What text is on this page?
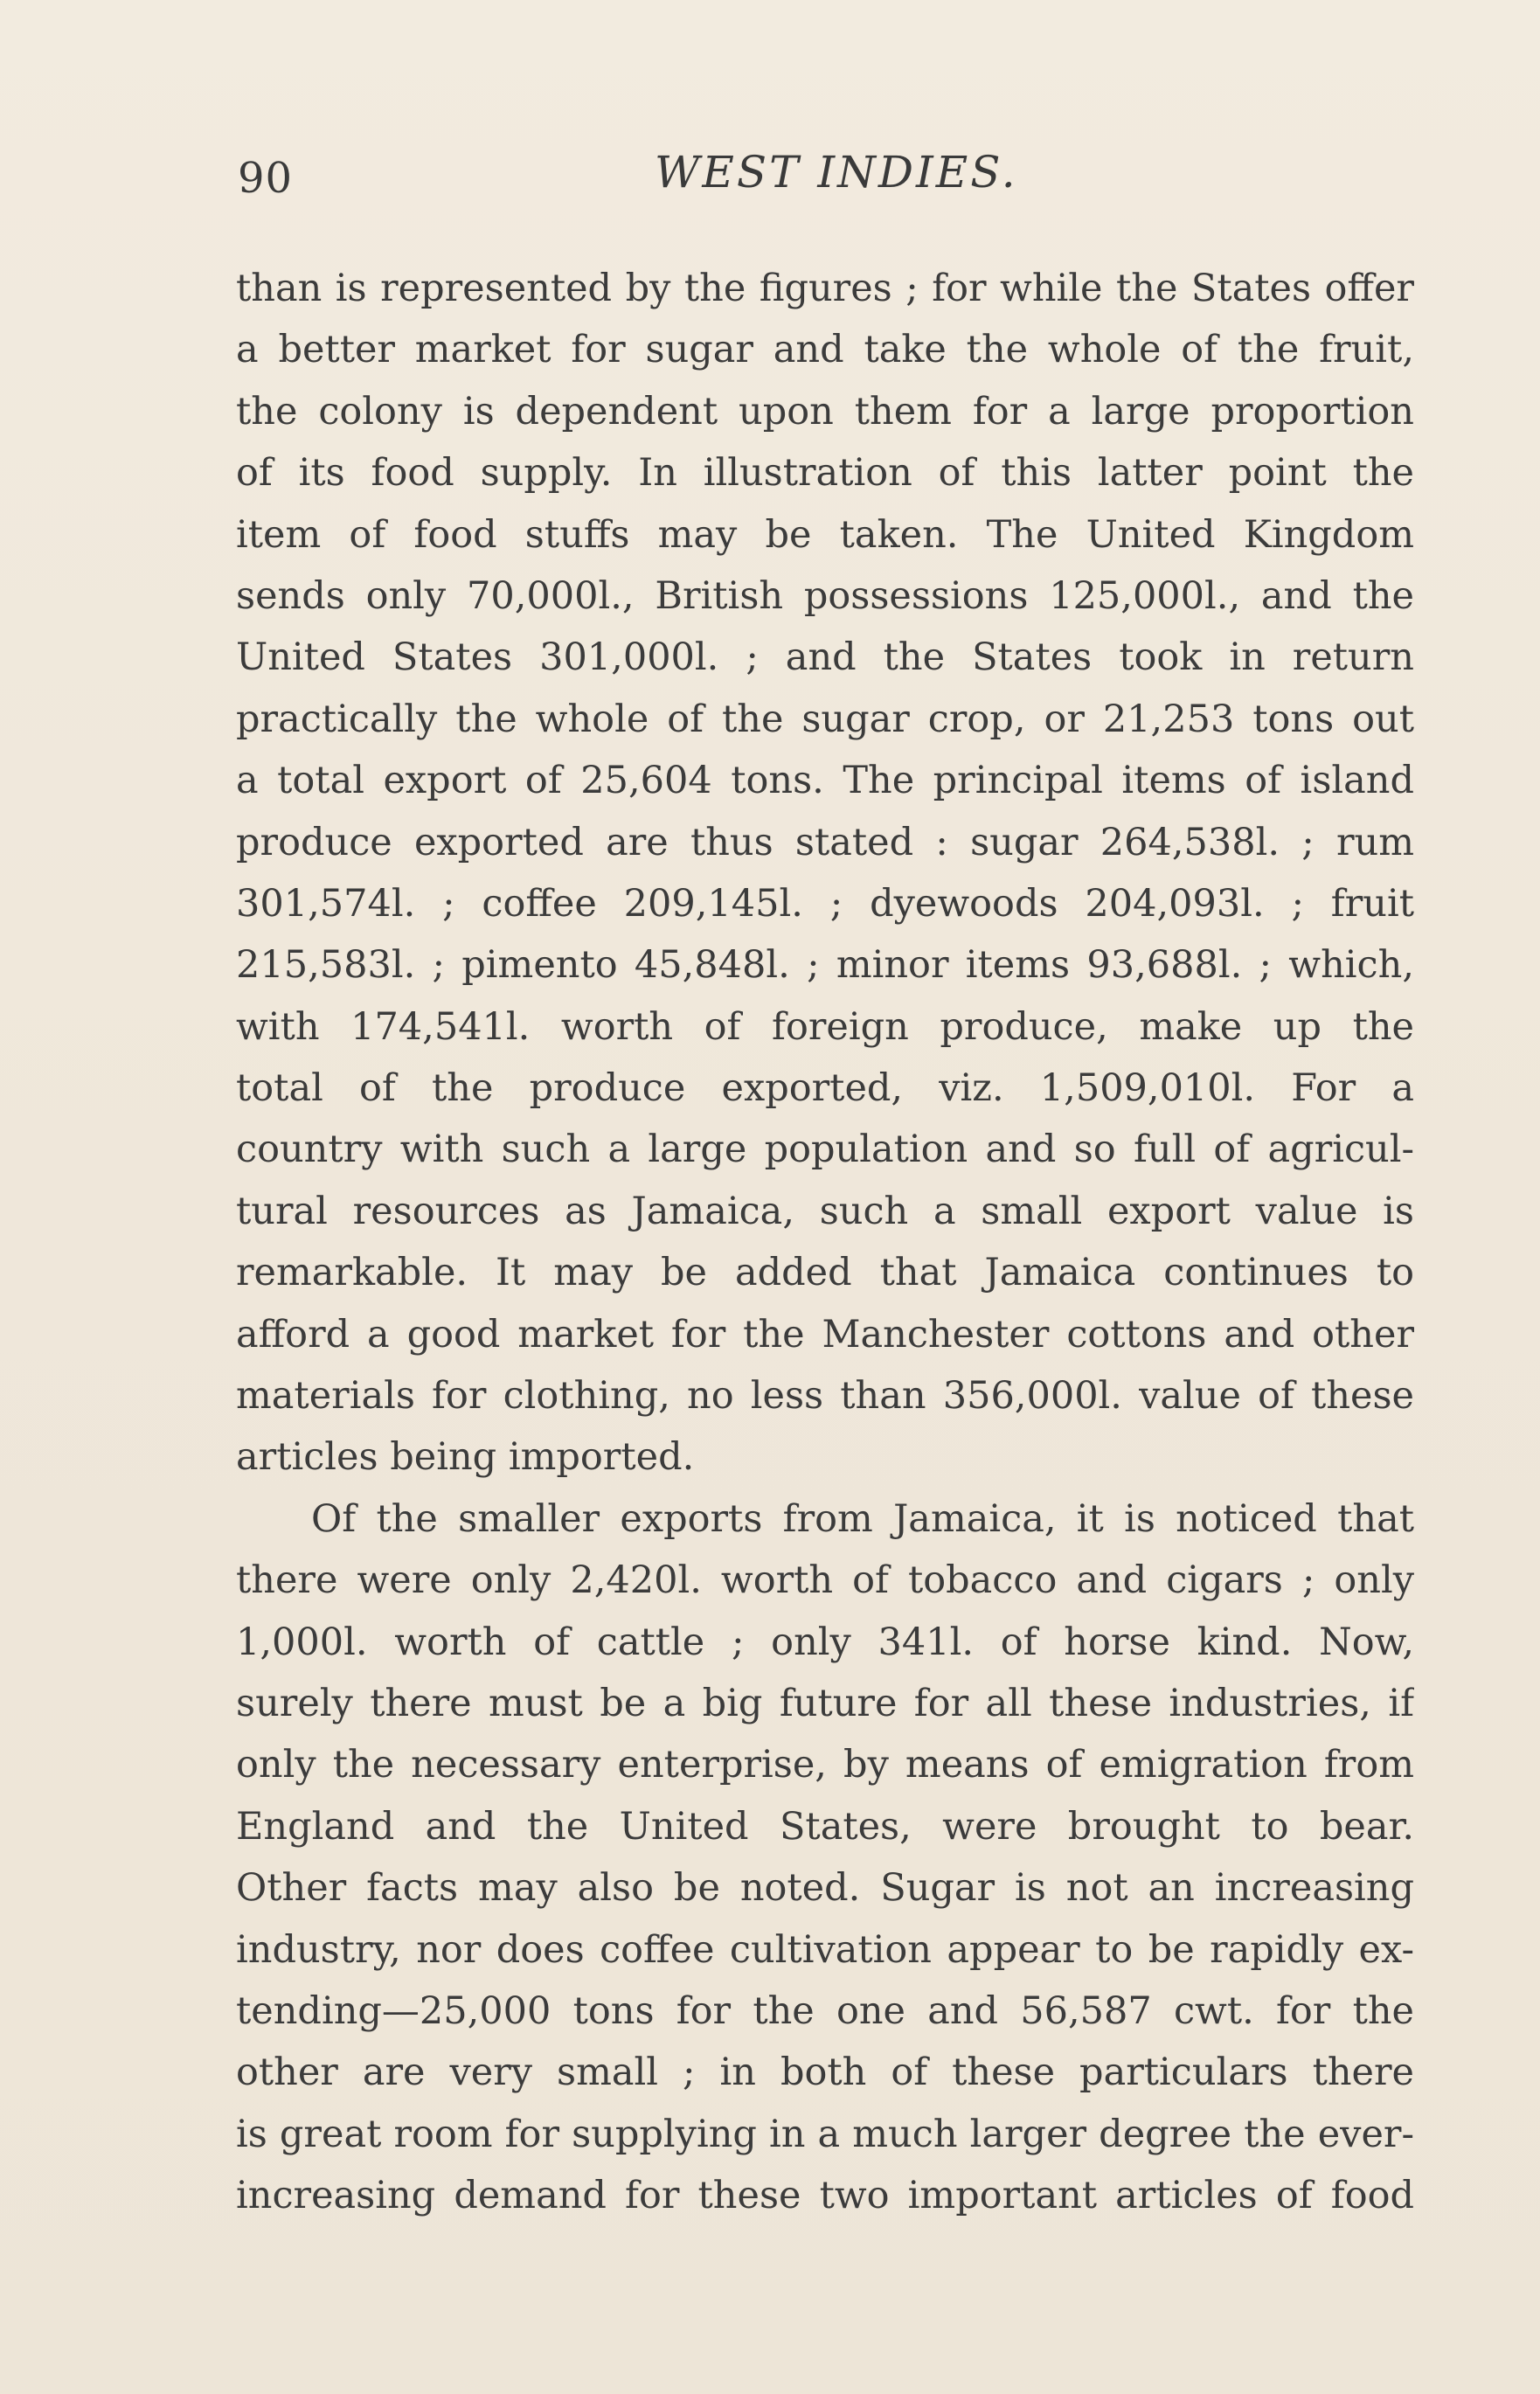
90	WEST INDIES.
than is represented by the figures ; for while the States offer
a better market for sugar and take the whole of the fruit,
the colony is dependent upon them for a large proportion
of its food supply. In illustration of this latter point the
item of food stuffs may be taken. The United Kingdom
sends only 70,000l., British possessions 125,000l., and the
United States 301,000l. ; and the States took in return
practically the whole of the sugar crop, or 21,253 tons out
a total export of 25,604 tons. The principal items of island
produce exported are thus stated : sugar 264,538l. ; rum
301,574l. ; coffee 209,145l. ; dyewoods 204,093l. ; fruit
215,583l. ; pimento 45,848l. ; minor items 93,688l. ; which,
with 174,541l. worth of foreign produce, make up the
total of the produce exported, viz. 1,509,010l. For a
country with such a large population and so full of agricul-
tural resources as Jamaica, such a small export value is
remarkable. It may be added that Jamaica continues to
afford a good market for the Manchester cottons and other
materials for clothing, no less than 356,000l. value of these
articles being imported.
Of the smaller exports from Jamaica, it is noticed that
there were only 2,420l. worth of tobacco and cigars ; only
1,000l. worth of cattle ; only 341l. of horse kind. Now,
surely there must be a big future for all these industries, if
only the necessary enterprise, by means of emigration from
England and the United States, were brought to bear.
Other facts may also be noted. Sugar is not an increasing
industry, nor does coffee cultivation appear to be rapidly ex-
tending—25,000 tons for the one and 56,587 cwt. for the
other are very small ; in both of these particulars there
is great room for supplying in a much larger degree the ever-
increasing demand for these two important articles of food
